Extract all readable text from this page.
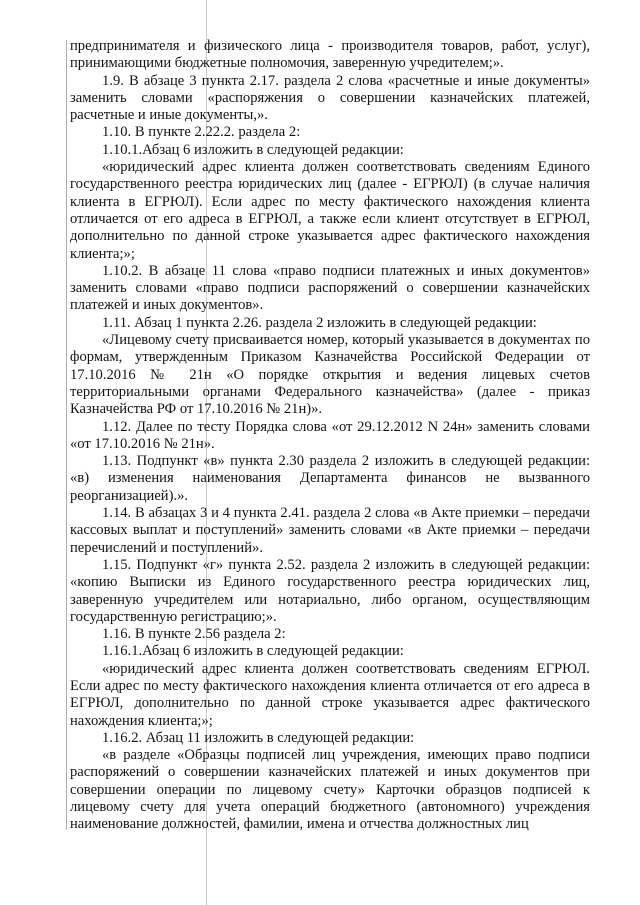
предпринимателя и физического лица - производителя товаров, работ, услуг), принимающими бюджетные полномочия, заверенную учредителем;».

1.9. В абзаце 3 пункта 2.17. раздела 2 слова «расчетные и иные документы» заменить словами «распоряжения о совершении казначейских платежей, расчетные и иные документы,».

1.10. В пункте 2.22.2. раздела 2:

1.10.1.Абзац 6 изложить в следующей редакции:

«юридический адрес клиента должен соответствовать сведениям Единого государственного реестра юридических лиц (далее - ЕГРЮЛ) (в случае наличия клиента в ЕГРЮЛ). Если адрес по месту фактического нахождения клиента отличается от его адреса в ЕГРЮЛ, а также если клиент отсутствует в ЕГРЮЛ, дополнительно по данной строке указывается адрес фактического нахождения клиента;»;

1.10.2. В абзаце 11 слова «право подписи платежных и иных документов» заменить словами «право подписи распоряжений о совершении казначейских платежей и иных документов».

1.11. Абзац 1 пункта 2.26. раздела 2 изложить в следующей редакции:

«Лицевому счету присваивается номер, который указывается в документах по формам, утвержденным Приказом Казначейства Российской Федерации от 17.10.2016 № 21н «О порядке открытия и ведения лицевых счетов территориальными органами Федерального казначейства» (далее - приказ Казначейства РФ от 17.10.2016 № 21н)».

1.12. Далее по тесту Порядка слова «от 29.12.2012 N 24н» заменить словами «от 17.10.2016 № 21н».

1.13. Подпункт «в» пункта 2.30 раздела 2 изложить в следующей редакции: «в) изменения наименования Департамента финансов не вызванного реорганизацией).».

1.14. В абзацах 3 и 4 пункта 2.41. раздела 2 слова «в Акте приемки – передачи кассовых выплат и поступлений» заменить словами «в Акте приемки – передачи перечислений и поступлений».

1.15. Подпункт «г» пункта 2.52. раздела 2 изложить в следующей редакции: «копию Выписки из Единого государственного реестра юридических лиц, заверенную учредителем или нотариально, либо органом, осуществляющим государственную регистрацию;».

1.16. В пункте 2.56 раздела 2:

1.16.1.Абзац 6 изложить в следующей редакции:

«юридический адрес клиента должен соответствовать сведениям ЕГРЮЛ. Если адрес по месту фактического нахождения клиента отличается от его адреса в ЕГРЮЛ, дополнительно по данной строке указывается адрес фактического нахождения клиента;»;

1.16.2. Абзац 11 изложить в следующей редакции:

«в разделе «Образцы подписей лиц учреждения, имеющих право подписи распоряжений о совершении казначейских платежей и иных документов при совершении операции по лицевому счету» Карточки образцов подписей к лицевому счету для учета операций бюджетного (автономного) учреждения наименование должностей, фамилии, имена и отчества должностных лиц
